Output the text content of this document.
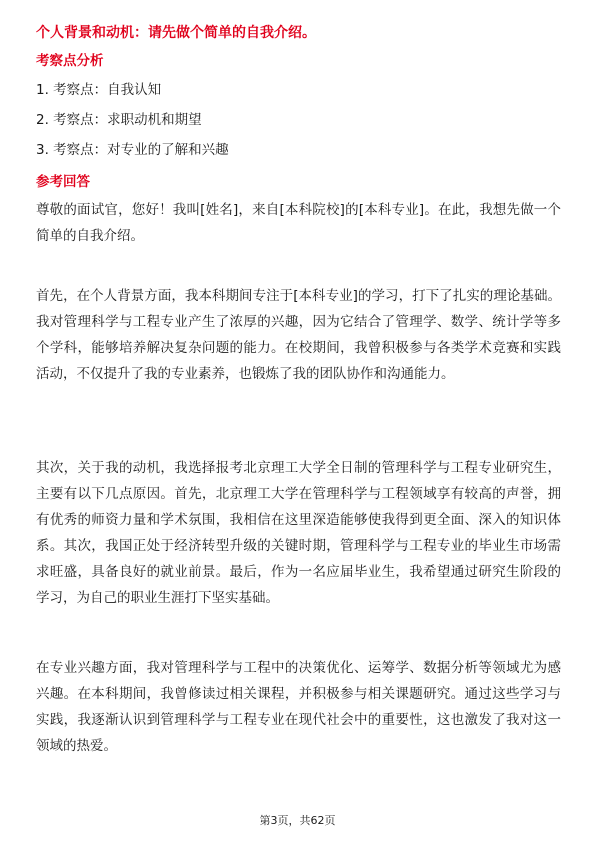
个人背景和动机：请先做个简单的自我介绍。
考察点分析
1. 考察点：自我认知
2. 考察点：求职动机和期望
3. 考察点：对专业的了解和兴趣
参考回答
尊敬的面试官，您好！我叫[姓名]，来自[本科院校]的[本科专业]。在此，我想先做一个简单的自我介绍。
首先，在个人背景方面，我本科期间专注于[本科专业]的学习，打下了扎实的理论基础。我对管理科学与工程专业产生了浓厚的兴趣，因为它结合了管理学、数学、统计学等多个学科，能够培养解决复杂问题的能力。在校期间，我曾积极参与各类学术竞赛和实践活动，不仅提升了我的专业素养，也锻炼了我的团队协作和沟通能力。
其次，关于我的动机，我选择报考北京理工大学全日制的管理科学与工程专业研究生，主要有以下几点原因。首先，北京理工大学在管理科学与工程领域享有较高的声誉，拥有优秀的师资力量和学术氛围，我相信在这里深造能够使我得到更全面、深入的知识体系。其次，我国正处于经济转型升级的关键时期，管理科学与工程专业的毕业生市场需求旺盛，具备良好的就业前景。最后，作为一名应届毕业生，我希望通过研究生阶段的学习，为自己的职业生涯打下坚实基础。
在专业兴趣方面，我对管理科学与工程中的决策优化、运筹学、数据分析等领域尤为感兴趣。在本科期间，我曾修读过相关课程，并积极参与相关课题研究。通过这些学习与实践，我逐渐认识到管理科学与工程专业在现代社会中的重要性，这也激发了我对这一领域的热爱。
第3页，共62页
